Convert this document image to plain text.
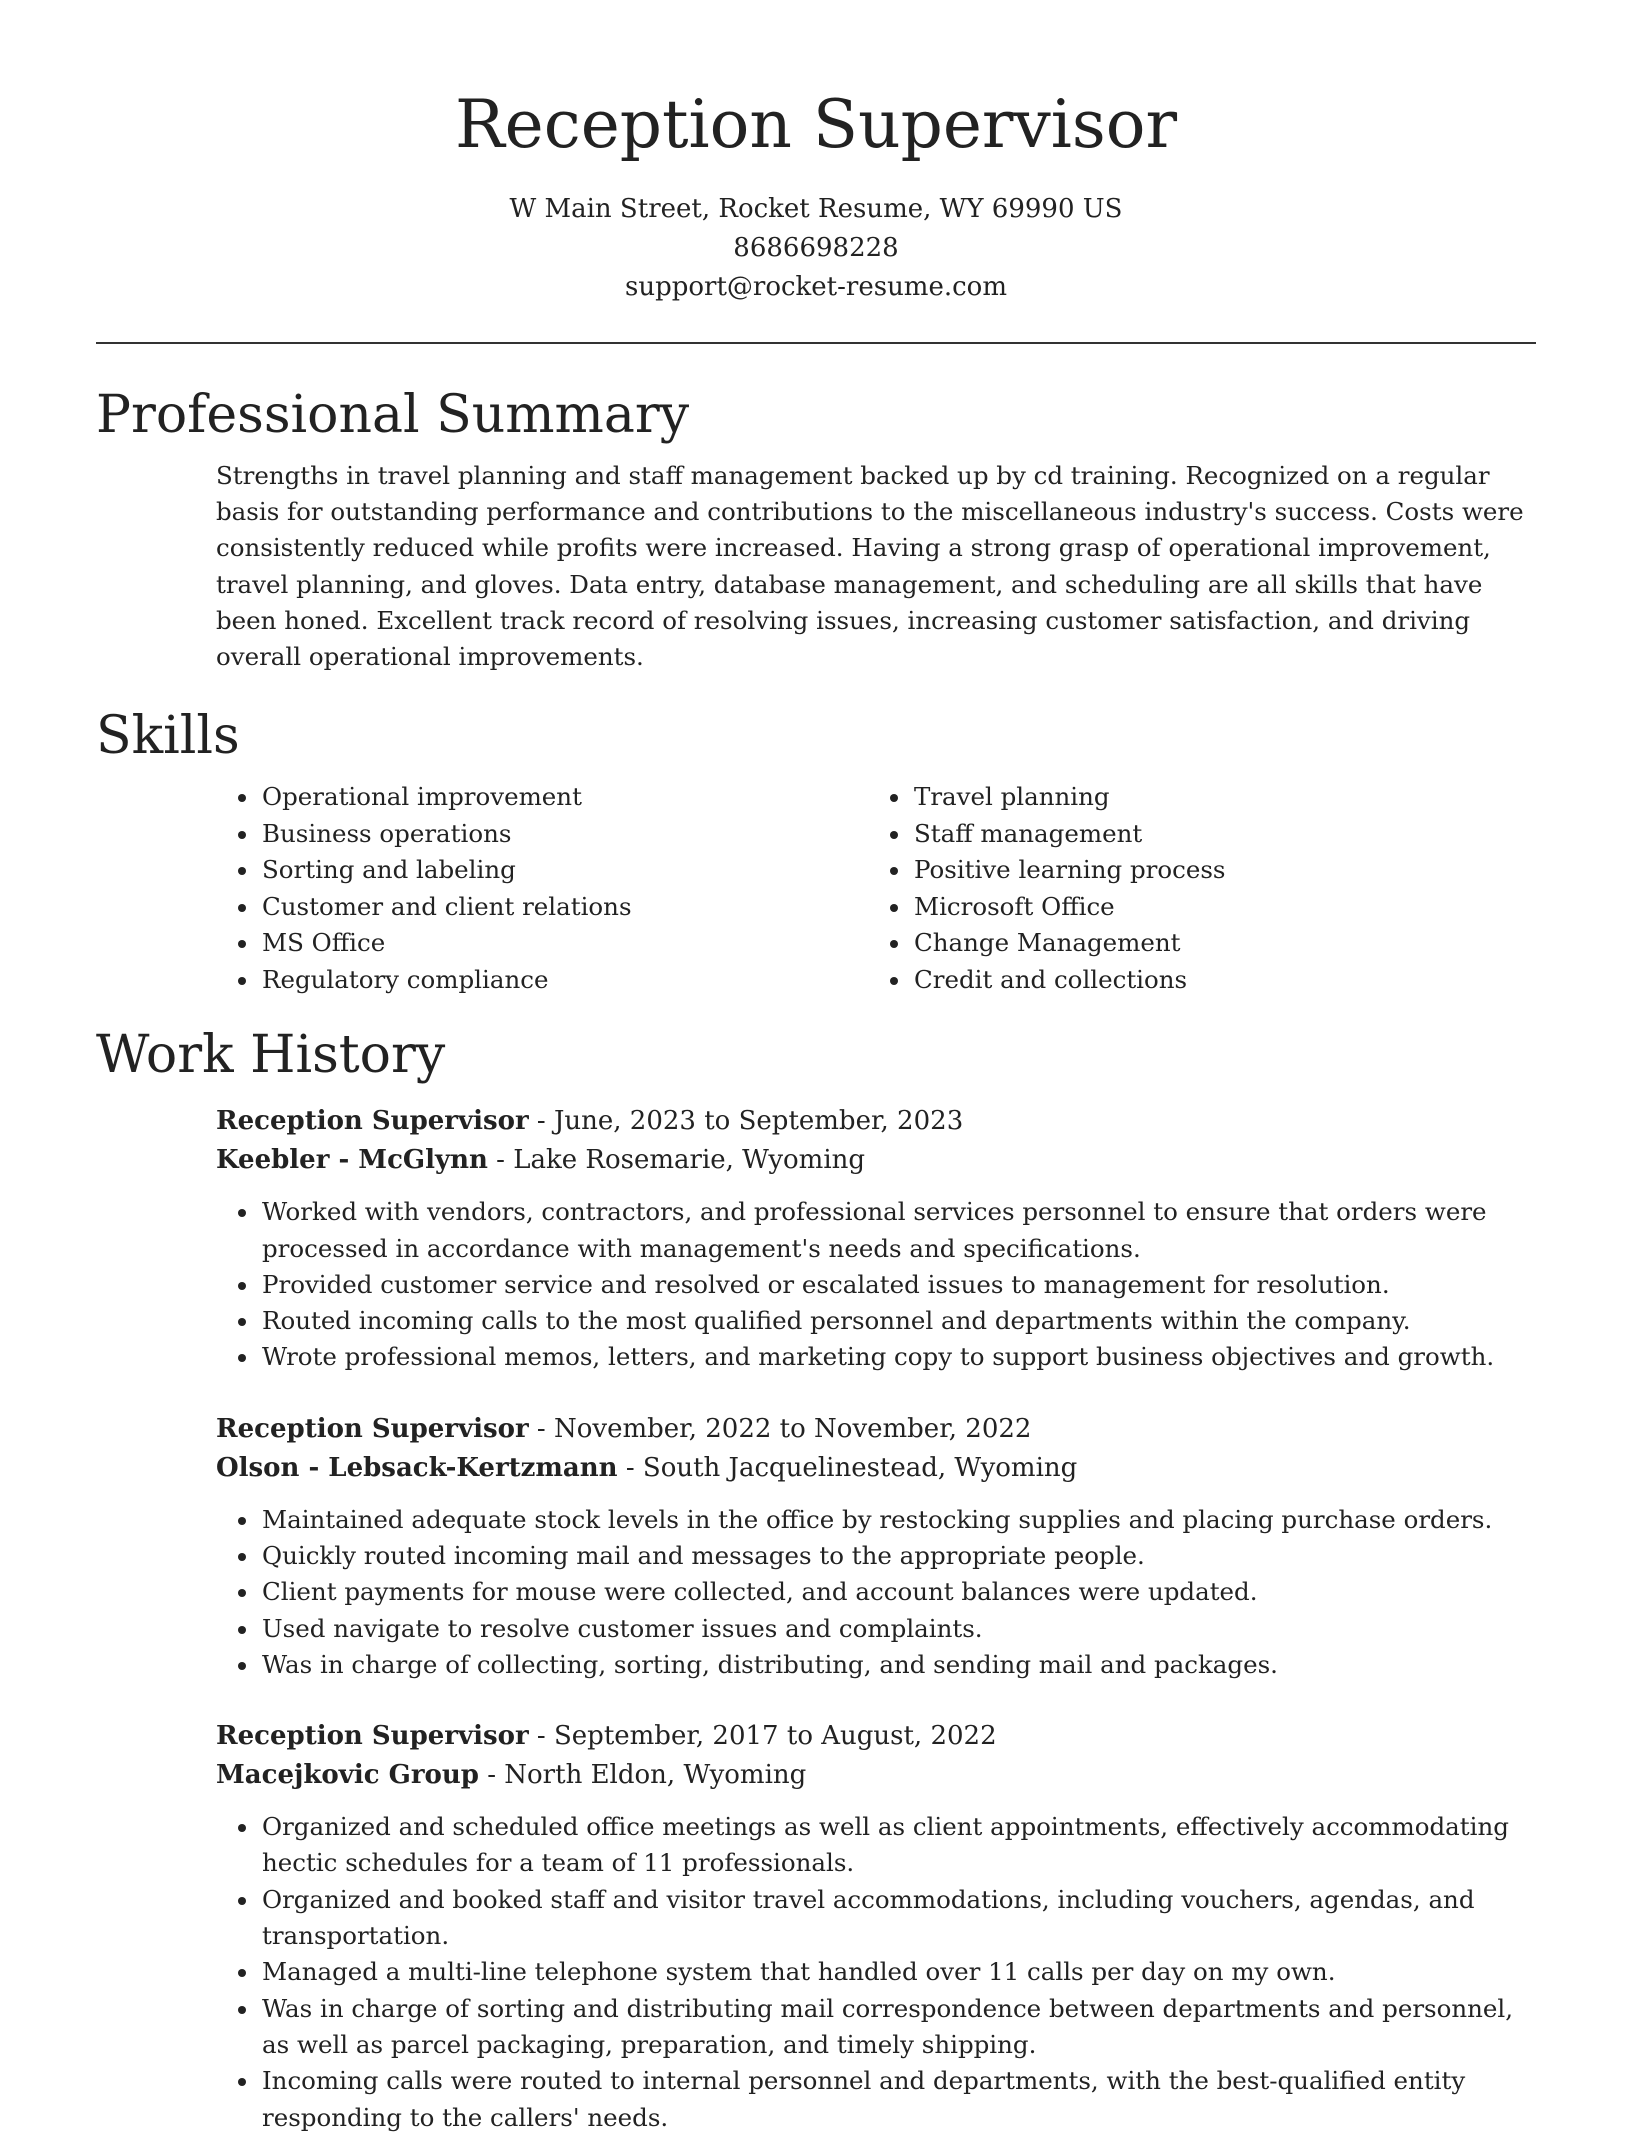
Reception Supervisor
W Main Street, Rocket Resume, WY 69990 US
8686698228
support@rocket-resume.com
Professional Summary

Strengths in travel planning and staff management backed up by cd training. Recognized on a regular basis for outstanding performance and contributions to the miscellaneous industry's success. Costs were consistently reduced while profits were increased. Having a strong grasp of operational improvement, travel planning, and gloves. Data entry, database management, and scheduling are all skills that have been honed. Excellent track record of resolving issues, increasing customer satisfaction, and driving overall operational improvements.

Skills
• Operational improvement
• Business operations
• Sorting and labeling
• Customer and client relations
• MS Office
• Regulatory compliance
• Travel planning
• Staff management
• Positive learning process
• Microsoft Office
• Change Management
• Credit and collections
Work History
Reception Supervisor - June, 2023 to September, 2023
Keebler - McGlynn - Lake Rosemarie, Wyoming
• Worked with vendors, contractors, and professional services personnel to ensure that orders were processed in accordance with management's needs and specifications.
• Provided customer service and resolved or escalated issues to management for resolution.
• Routed incoming calls to the most qualified personnel and departments within the company.
• Wrote professional memos, letters, and marketing copy to support business objectives and growth.
Reception Supervisor - November, 2022 to November, 2022
Olson - Lebsack-Kertzmann - South Jacquelinestead, Wyoming
• Maintained adequate stock levels in the office by restocking supplies and placing purchase orders.
• Quickly routed incoming mail and messages to the appropriate people.
• Client payments for mouse were collected, and account balances were updated.
• Used navigate to resolve customer issues and complaints.
• Was in charge of collecting, sorting, distributing, and sending mail and packages.
Reception Supervisor - September, 2017 to August, 2022
Macejkovic Group - North Eldon, Wyoming
• Organized and scheduled office meetings as well as client appointments, effectively accommodating hectic schedules for a team of 11 professionals.
• Organized and booked staff and visitor travel accommodations, including vouchers, agendas, and transportation.
• Managed a multi-line telephone system that handled over 11 calls per day on my own.
• Was in charge of sorting and distributing mail correspondence between departments and personnel, as well as parcel packaging, preparation, and timely shipping.
• Incoming calls were routed to internal personnel and departments, with the best-qualified entity responding to the callers' needs.
